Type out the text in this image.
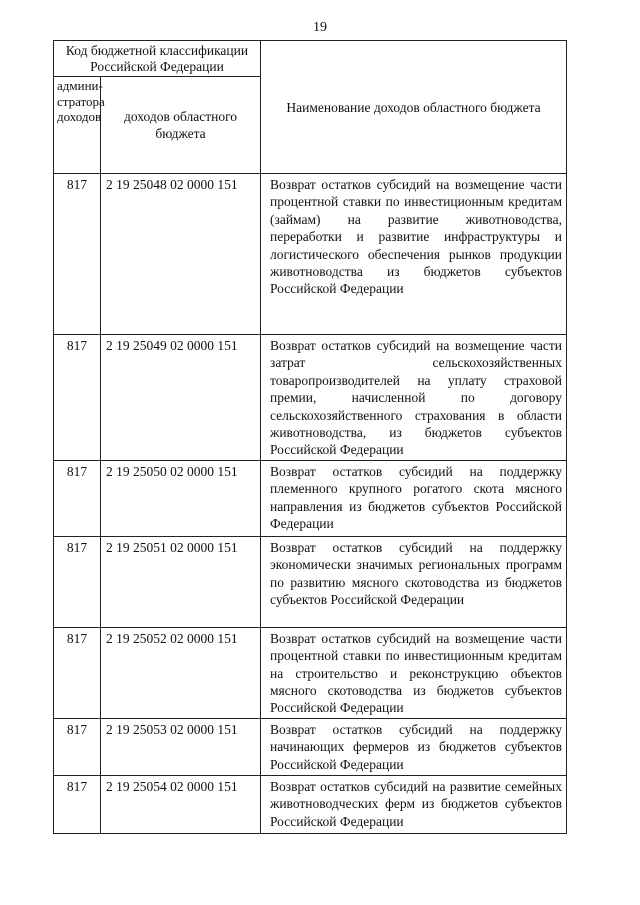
19
Код бюджетной классификации Российской Федерации		Наименование доходов областного бюджета
админи-стратора доходов	доходов областного бюджета	
817	2 19 25048 02 0000 151	Возврат остатков субсидий на возмещение части процентной ставки по инвестиционным кредитам (займам) на развитие животноводства, переработки и развитие инфраструктуры и логистического обеспечения рынков продукции животноводства из бюджетов субъектов Российской Федерации
817	2 19 25049 02 0000 151	Возврат остатков субсидий на возмещение части затрат сельскохозяйственных товаропроизводителей на уплату страховой премии, начисленной по договору сельскохозяйственного страхования в области животноводства, из бюджетов субъектов Российской Федерации
817	2 19 25050 02 0000 151	Возврат остатков субсидий на поддержку племенного крупного рогатого скота мясного направления из бюджетов субъектов Российской Федерации
817	2 19 25051 02 0000 151	Возврат остатков субсидий на поддержку экономически значимых региональных программ по развитию мясного скотоводства из бюджетов субъектов Российской Федерации
817	2 19 25052 02 0000 151	Возврат остатков субсидий на возмещение части процентной ставки по инвестиционным кредитам на строительство и реконструкцию объектов мясного скотоводства из бюджетов субъектов Российской Федерации
817	2 19 25053 02 0000 151	Возврат остатков субсидий на поддержку начинающих фермеров из бюджетов субъектов Российской Федерации
817	2 19 25054 02 0000 151	Возврат остатков субсидий на развитие семейных животноводческих ферм из бюджетов субъектов Российской Федерации
